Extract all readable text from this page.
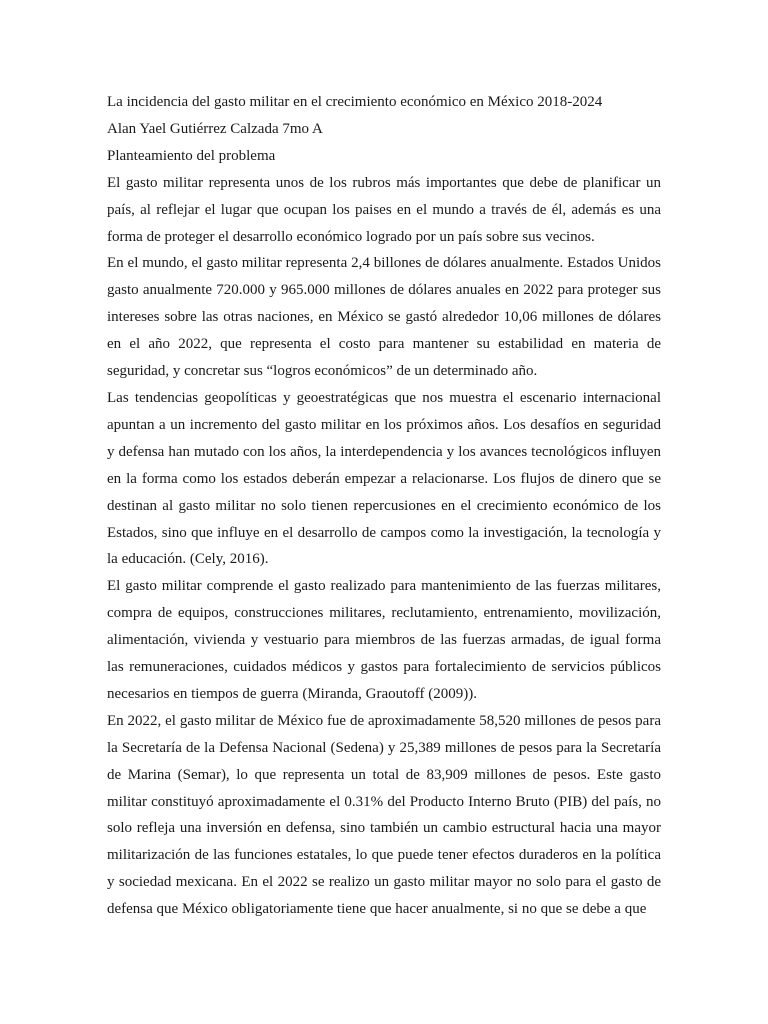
La incidencia del gasto militar en el crecimiento económico en México 2018-2024
Alan Yael Gutiérrez Calzada 7mo A
Planteamiento del problema

El gasto militar representa unos de los rubros más importantes que debe de planificar un país, al reflejar el lugar que ocupan los paises en el mundo a través de él, además es una forma de proteger el desarrollo económico logrado por un país sobre sus vecinos.

En el mundo, el gasto militar representa 2,4 billones de dólares anualmente. Estados Unidos gasto anualmente 720.000 y 965.000 millones de dólares anuales en 2022 para proteger sus intereses sobre las otras naciones, en México se gastó alrededor 10,06 millones de dólares en el año 2022, que representa el costo para mantener su estabilidad en materia de seguridad, y concretar sus “logros económicos” de un determinado año.

Las tendencias geopolíticas y geoestratégicas que nos muestra el escenario internacional apuntan a un incremento del gasto militar en los próximos años. Los desafíos en seguridad y defensa han mutado con los años, la interdependencia y los avances tecnológicos influyen en la forma como los estados deberán empezar a relacionarse. Los flujos de dinero que se destinan al gasto militar no solo tienen repercusiones en el crecimiento económico de los Estados, sino que influye en el desarrollo de campos como la investigación, la tecnología y la educación. (Cely, 2016).

El gasto militar comprende el gasto realizado para mantenimiento de las fuerzas militares, compra de equipos, construcciones militares, reclutamiento, entrenamiento, movilización, alimentación, vivienda y vestuario para miembros de las fuerzas armadas, de igual forma las remuneraciones, cuidados médicos y gastos para fortalecimiento de servicios públicos necesarios en tiempos de guerra (Miranda, Graoutoff (2009)).

En 2022, el gasto militar de México fue de aproximadamente 58,520 millones de pesos para la Secretaría de la Defensa Nacional (Sedena) y 25,389 millones de pesos para la Secretaría de Marina (Semar), lo que representa un total de 83,909 millones de pesos. Este gasto militar constituyó aproximadamente el 0.31% del Producto Interno Bruto (PIB) del país, no solo refleja una inversión en defensa, sino también un cambio estructural hacia una mayor militarización de las funciones estatales, lo que puede tener efectos duraderos en la política y sociedad mexicana. En el 2022 se realizo un gasto militar mayor no solo para el gasto de defensa que México obligatoriamente tiene que hacer anualmente, si no que se debe a que
